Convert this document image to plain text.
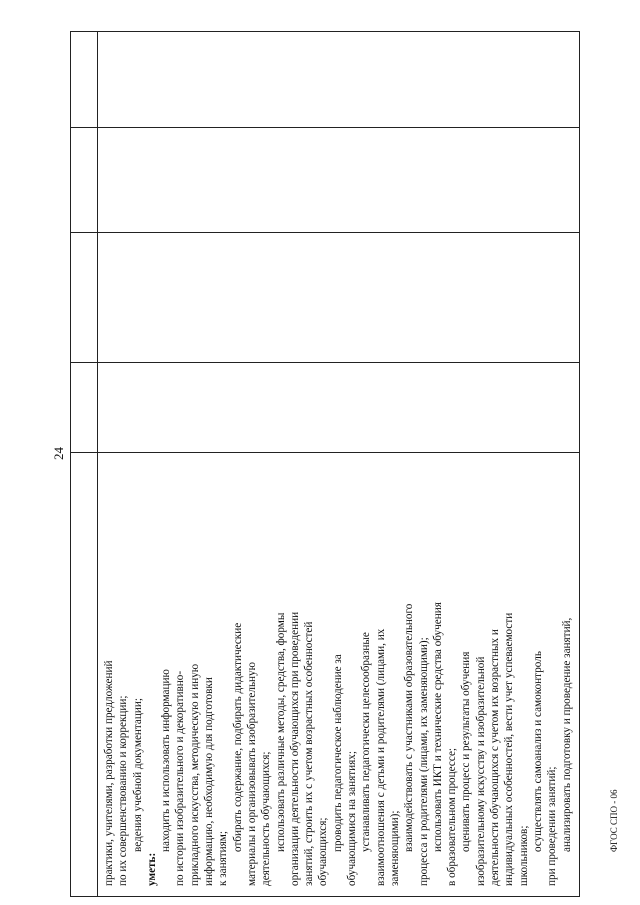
24
практики, учителями, разработки предложений по их совершенствованию и коррекции; ведения учебной документации;
уметь:
находить и использовать информацию по истории изобразительного и декоративно- прикладного искусства, методическую и иную информацию, необходимую для подготовки к занятиям;
отбирать содержание, подбирать дидактические материалы и организовывать изобразительную деятельность обучающихся; использовать различные методы, средства, формы организации деятельности обучающихся при проведении занятий, строить их с учетом возрастных особенностей обучающихся; проводить педагогическое наблюдение за обучающимися на занятиях; устанавливать педагогически целесообразные взаимоотношения с детьми и родителями (лицами, их заменяющими); взаимодействовать с участниками образовательного процесса и родителями (лицами, их заменяющими); использовать ИКТ и технические средства обучения в образовательном процессе; оценивать процесс и результаты обучения изобразительному искусству и изобразительной деятельности обучающихся с учетом их возрастных и индивидуальных особенностей, вести учет успеваемости школьников;
осуществлять самоанализ и самоконтроль при проведении занятий; анализировать подготовку и проведение занятий,	ФГОС СПО - 06
